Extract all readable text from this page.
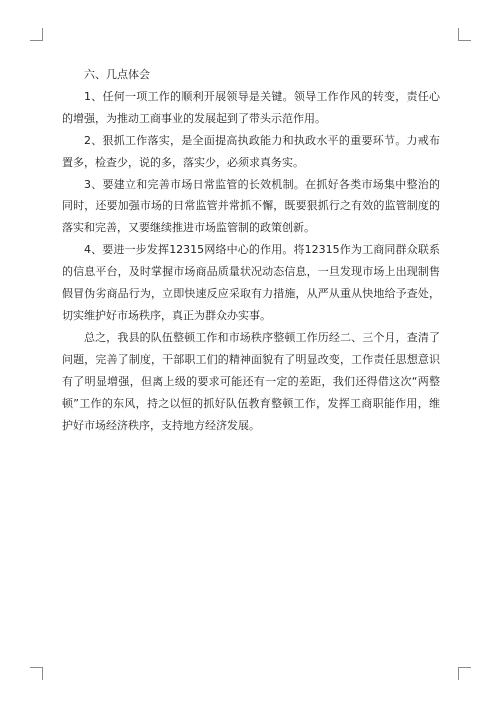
六、几点体会

1、任何一项工作的顺利开展领导是关键。领导工作作风的转变，责任心的增强，为推动工商事业的发展起到了带头示范作用。

2、狠抓工作落实，是全面提高执政能力和执政水平的重要环节。力戒布置多，检查少，说的多，落实少，必须求真务实。

3、要建立和完善市场日常监管的长效机制。在抓好各类市场集中整治的同时，还要加强市场的日常监管并常抓不懈，既要狠抓行之有效的监管制度的落实和完善，又要继续推进市场监管制的政策创新。

4、要进一步发挥12315网络中心的作用。将12315作为工商同群众联系的信息平台，及时掌握市场商品质量状况动态信息，一旦发现市场上出现制售假冒伪劣商品行为，立即快速反应采取有力措施，从严从重从快地给予查处，切实维护好市场秩序，真正为群众办实事。

总之，我县的队伍整顿工作和市场秩序整顿工作历经二、三个月，查清了问题，完善了制度，干部职工们的精神面貌有了明显改变，工作责任思想意识有了明显增强，但离上级的要求可能还有一定的差距，我们还得借这次“两整顿”工作的东风，持之以恒的抓好队伍教育整顿工作，发挥工商职能作用，维护好市场经济秩序，支持地方经济发展。
